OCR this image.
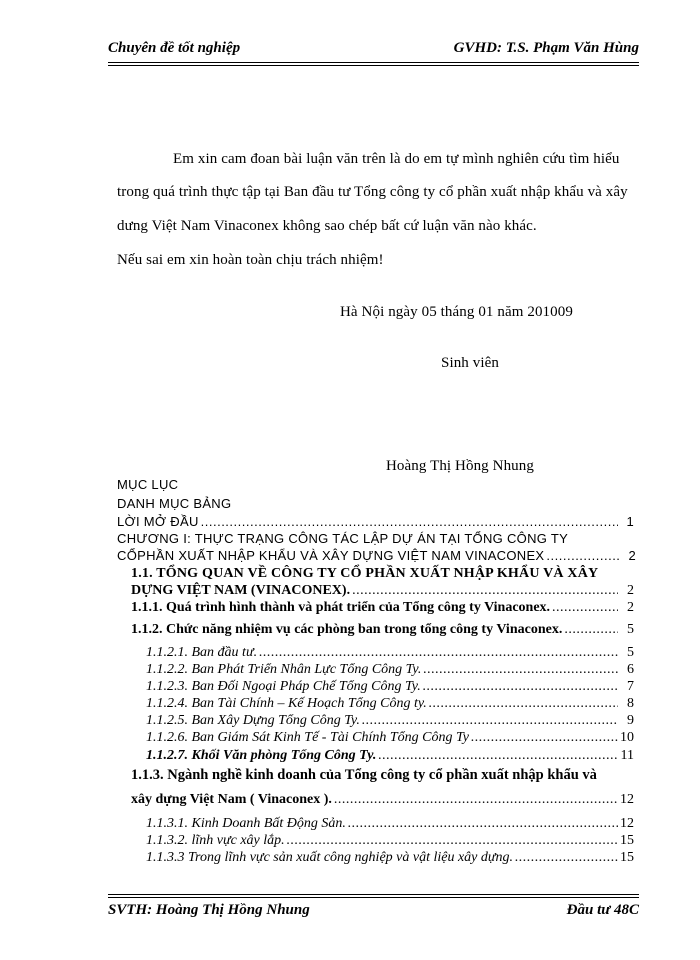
Chuyên đề tốt nghiệp	GVHD: T.S. Phạm Văn Hùng
Em xin cam đoan bài luận văn trên là do em tự mình nghiên cứu tìm hiểu
trong quá trình thực tập tại Ban đầu tư Tổng công ty cổ phần xuất nhập khẩu và xây
dưng Việt Nam Vinaconex không sao chép bất cứ luận văn nào khác.
Nếu sai em xin hoàn toàn chịu trách nhiệm!
Hà Nội ngày 05 tháng 01 năm 201009
Sinh viên
Hoàng Thị Hồng Nhung
MỤC LỤC
DANH MỤC BẢNG
LỜI MỞ ĐẦU .....	1
CHƯƠNG I: THỰC TRẠNG CÔNG TÁC LẬP DỰ ÁN TẠI TỔNG CÔNG TY
CỔPHẦN XUẤT NHẬP KHẨU VÀ XÂY DỰNG VIỆT NAM VINACONEX .....	2
1.1. TỔNG QUAN VỀ CÔNG TY CỔ PHẦN XUẤT NHẬP KHẨU VÀ XÂY
DỰNG VIỆT NAM (VINACONEX). .....	2
1.1.1. Quá trình hình thành và phát triển của Tổng công ty Vinaconex. .....	2
1.1.2. Chức năng nhiệm vụ các phòng ban trong tổng công ty Vinaconex. .....	5
1.1.2.1. Ban đầu tư. .....	5
1.1.2.2. Ban Phát Triển Nhân Lực Tổng Công Ty. .....	6
1.1.2.3. Ban Đối Ngoại Pháp Chế Tổng Công Ty. .....	7
1.1.2.4. Ban Tài Chính – Kế Hoạch Tổng Công ty. .....	8
1.1.2.5. Ban Xây Dựng Tổng Công Ty. .....	9
1.1.2.6. Ban Giám Sát Kinh Tế - Tài Chính Tổng Công Ty .....	10
1.1.2.7. Khối Văn phòng Tổng Công Ty. .....	11
1.1.3. Ngành nghề kinh doanh của Tổng công ty cổ phần xuất nhập khẩu và
xây dựng Việt Nam ( Vinaconex ). .....	12
1.1.3.1. Kinh Doanh Bất Động Sản. .....	12
1.1.3.2. lĩnh vực xây lắp. .....	15
1.1.3.3 Trong lĩnh vực sản xuất công nghiệp và vật liệu xây dựng. .....	15
SVTH: Hoàng Thị Hồng Nhung	Đầu tư 48C
